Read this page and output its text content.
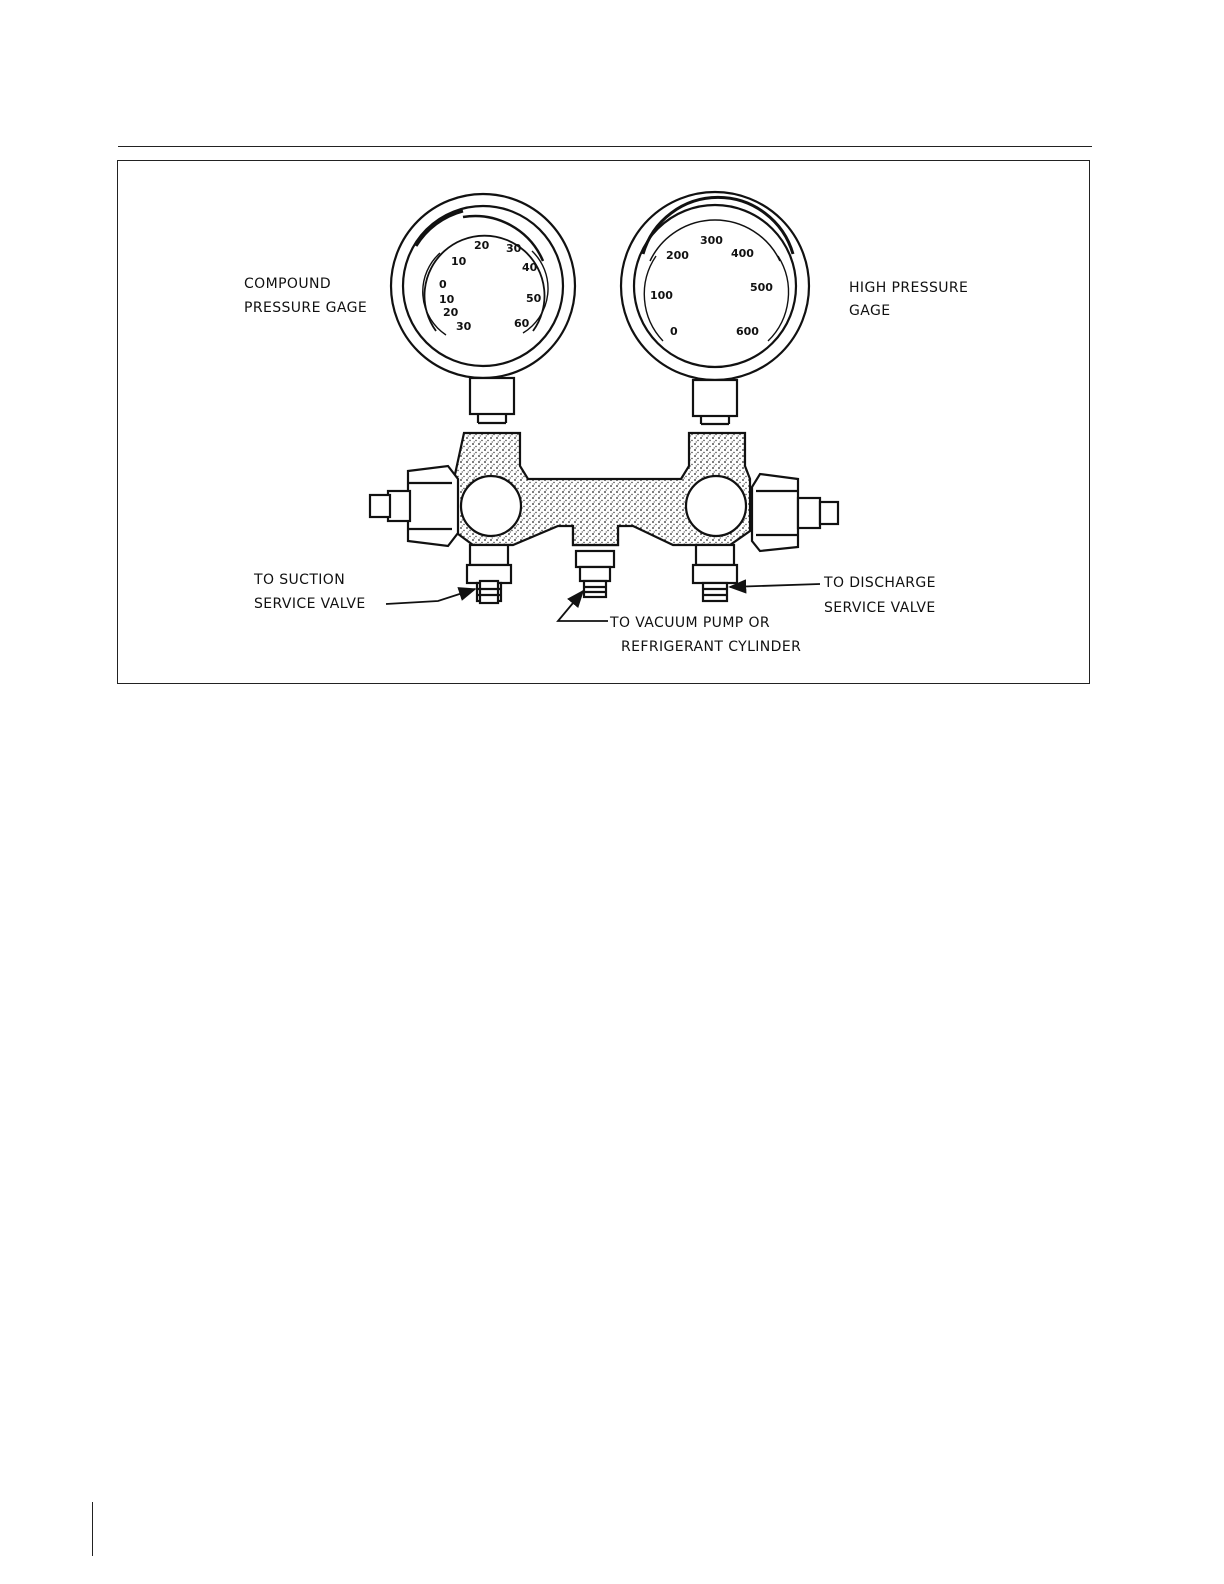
10
0
10
20
30
20 30
40
50
60
0
100
200
300
400
500
600
COMPOUND
PRESSURE GAGE
HIGH PRESSURE
GAGE
TO SUCTION
SERVICE VALVE
TO VACUUM PUMP OR
REFRIGERANT CYLINDER
TO DISCHARGE
SERVICE VALVE
